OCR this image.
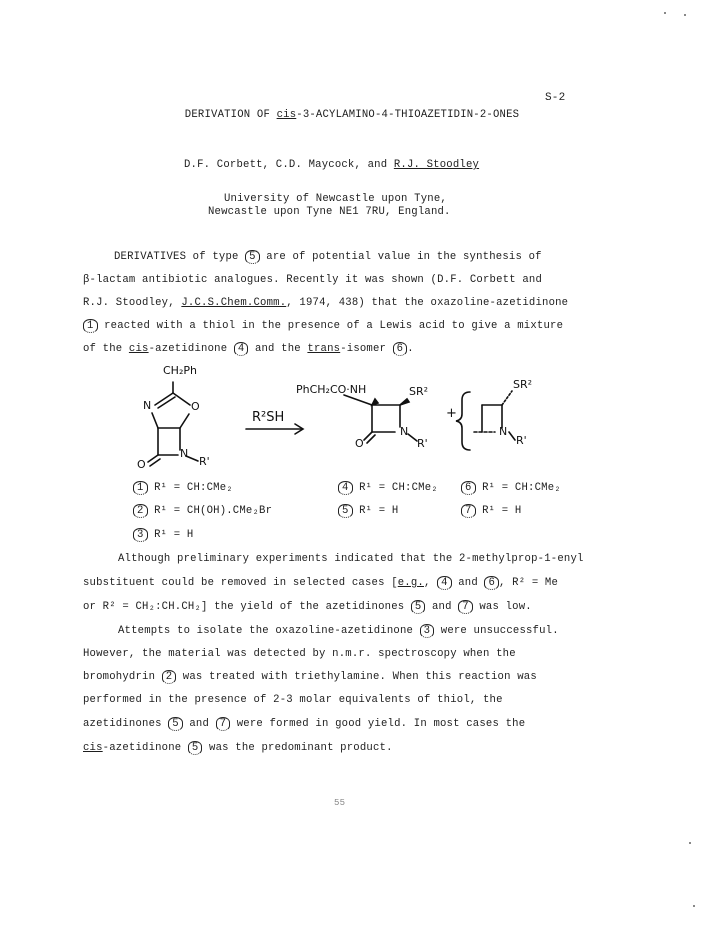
S-2
DERIVATION OF cis-3-ACYLAMINO-4-THIOAZETIDIN-2-ONES
D.F. Corbett, C.D. Maycock, and R.J. Stoodley
University of Newcastle upon Tyne,
Newcastle upon Tyne NE1 7RU, England.
DERIVATIVES of type 5 are of potential value in the synthesis of
β-lactam antibiotic analogues. Recently it was shown (D.F. Corbett and
R.J. Stoodley, J.C.S.Chem.Comm., 1974, 438) that the oxazoline-azetidinone
1 reacted with a thiol in the presence of a Lewis acid to give a mixture
of the cis-azetidinone 4 and the trans-isomer 6 .
CH₂Ph
N	O
O
N
R'
R²SH
PhCH₂CO·NH	SR²
O
N
R'
+
SR²
N
R'
1 R¹ = CH:CMe₂
2 R¹ = CH(OH).CMe₂Br
3 R¹ = H
4 R¹ = CH:CMe₂
5 R¹ = H
6 R¹ = CH:CMe₂
7 R¹ = H
Although preliminary experiments indicated that the 2-methylprop-1-enyl
substituent could be removed in selected cases [e.g., 4 and 6 , R² = Me
or R² = CH₂:CH.CH₂] the yield of the azetidinones 5 and 7 was low.
Attempts to isolate the oxazoline-azetidinone 3 were unsuccessful.
However, the material was detected by n.m.r. spectroscopy when the
bromohydrin 2 was treated with triethylamine. When this reaction was
performed in the presence of 2-3 molar equivalents of thiol, the
azetidinones 5 and 7 were formed in good yield. In most cases the
cis-azetidinone 5 was the predominant product.
55
